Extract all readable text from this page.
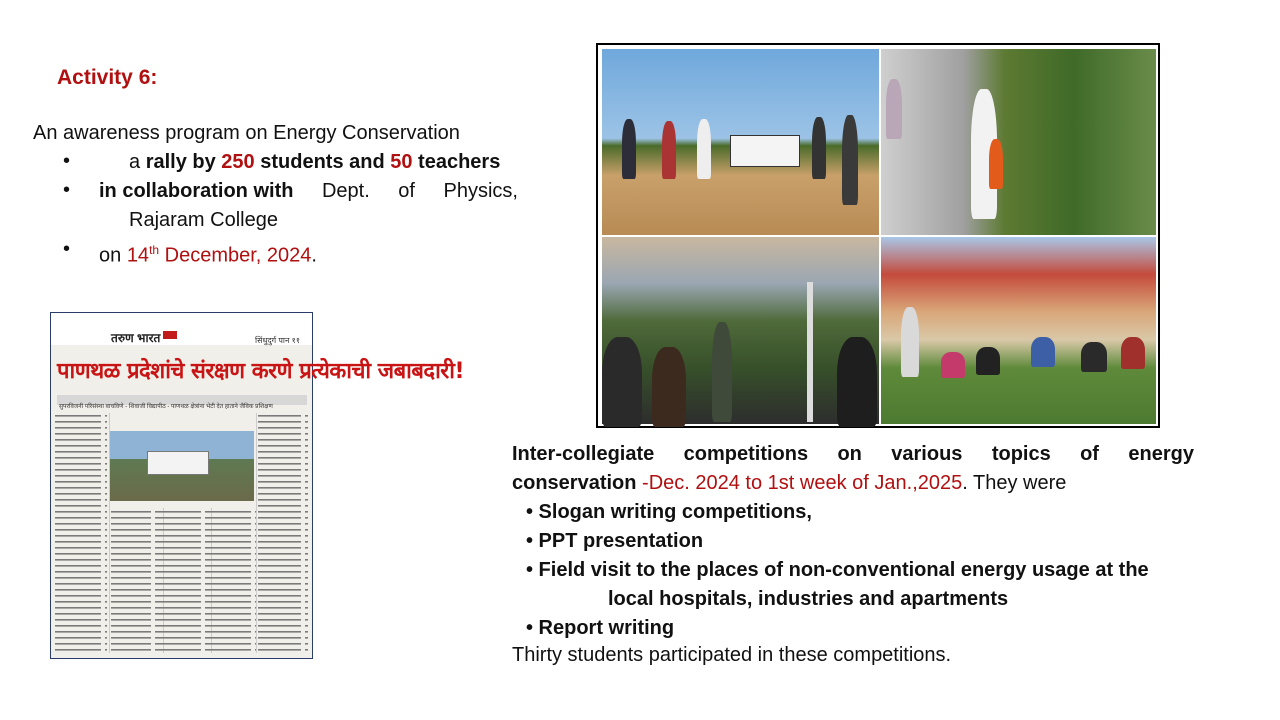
Activity 6:
An awareness program on Energy Conservation
•	a rally by 250 students and 50 teachers
• in collaboration with Dept. of Physics,
Rajaram College
• on 14th December, 2024.
तरुण भारत	सिंधुदुर्ग पान ११
पाणथळ प्रदेशांचे संरक्षण करणे प्रत्येकाची जबाबदारी!
सुपरविजनी परिसंस्था वाचविणे - शिवाजी विद्यापीठ - पाणथळ क्षेत्रांना भेटी देत हाताने जैविक प्रशिक्षण
Inter-collegiate competitions on various topics of energy
conservation -Dec. 2024 to 1st week of Jan.,2025. They were
• Slogan writing competitions,
• PPT presentation
• Field visit to the places of non-conventional energy usage at the
local hospitals, industries and apartments
• Report writing
Thirty students participated in these competitions.
